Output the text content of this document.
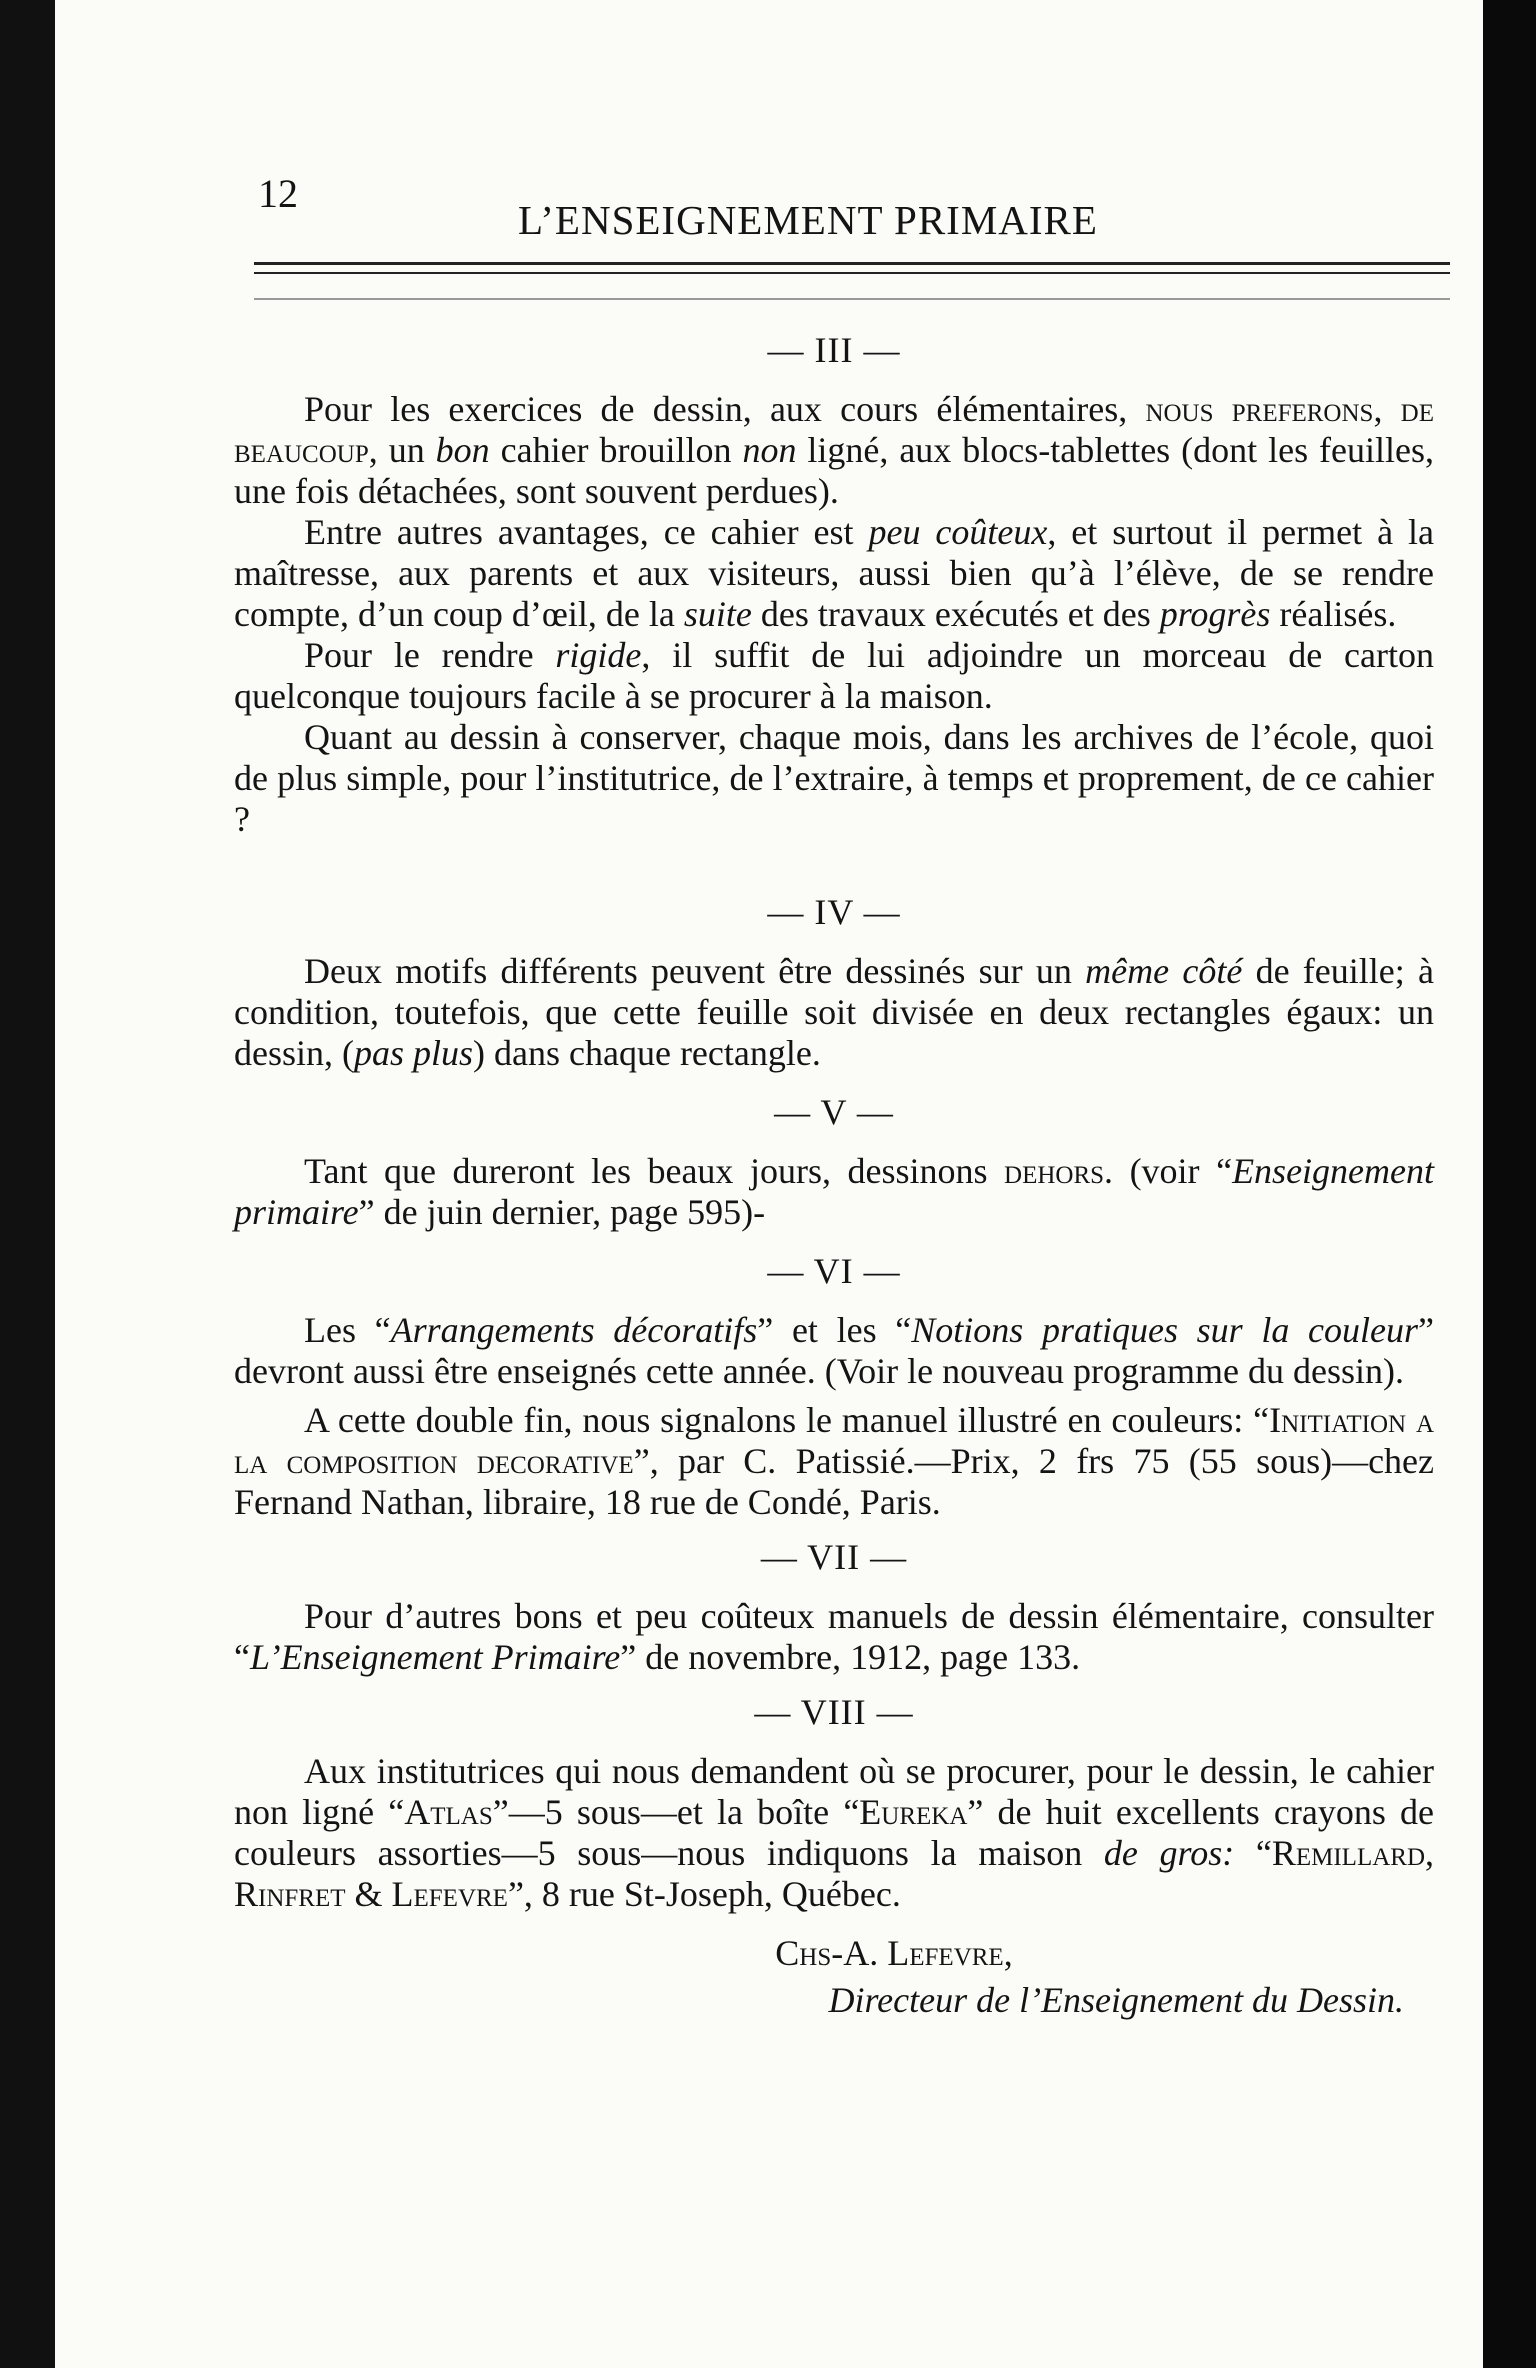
12
L’ENSEIGNEMENT PRIMAIRE
— III —

Pour les exercices de dessin, aux cours élémentaires, nous preferons, de beaucoup, un bon cahier brouillon non ligné, aux blocs-tablettes (dont les feuilles, une fois détachées, sont souvent perdues).

Entre autres avantages, ce cahier est peu coûteux, et surtout il permet à la maîtresse, aux parents et aux visiteurs, aussi bien qu’à l’élève, de se rendre compte, d’un coup d’œil, de la suite des travaux exécutés et des progrès réalisés.

Pour le rendre rigide, il suffit de lui adjoindre un morceau de carton quelconque toujours facile à se procurer à la maison.

Quant au dessin à conserver, chaque mois, dans les archives de l’école, quoi de plus simple, pour l’institutrice, de l’extraire, à temps et proprement, de ce cahier ?

— IV —

Deux motifs différents peuvent être dessinés sur un même côté de feuille; à condition, toutefois, que cette feuille soit divisée en deux rectangles égaux: un dessin, (pas plus) dans chaque rectangle.

— V —

Tant que dureront les beaux jours, dessinons dehors. (voir “Enseignement primaire” de juin dernier, page 595)-

— VI —

Les “Arrangements décoratifs” et les “Notions pratiques sur la couleur” devront aussi être enseignés cette année. (Voir le nouveau programme du dessin).

A cette double fin, nous signalons le manuel illustré en couleurs: “Initiation a la composition decorative”, par C. Patissié.—Prix, 2 frs 75 (55 sous)—chez Fernand Nathan, libraire, 18 rue de Condé, Paris.

— VII —

Pour d’autres bons et peu coûteux manuels de dessin élémentaire, consulter “L’Enseignement Primaire” de novembre, 1912, page 133.

— VIII —

Aux institutrices qui nous demandent où se procurer, pour le dessin, le cahier non ligné “Atlas”—5 sous—et la boîte “Eureka” de huit excellents crayons de couleurs assorties—5 sous—nous indiquons la maison de gros: “Remillard, Rinfret & Lefevre”, 8 rue St-Joseph, Québec.

Chs-A. Lefevre,
Directeur de l’Enseignement du Dessin.
